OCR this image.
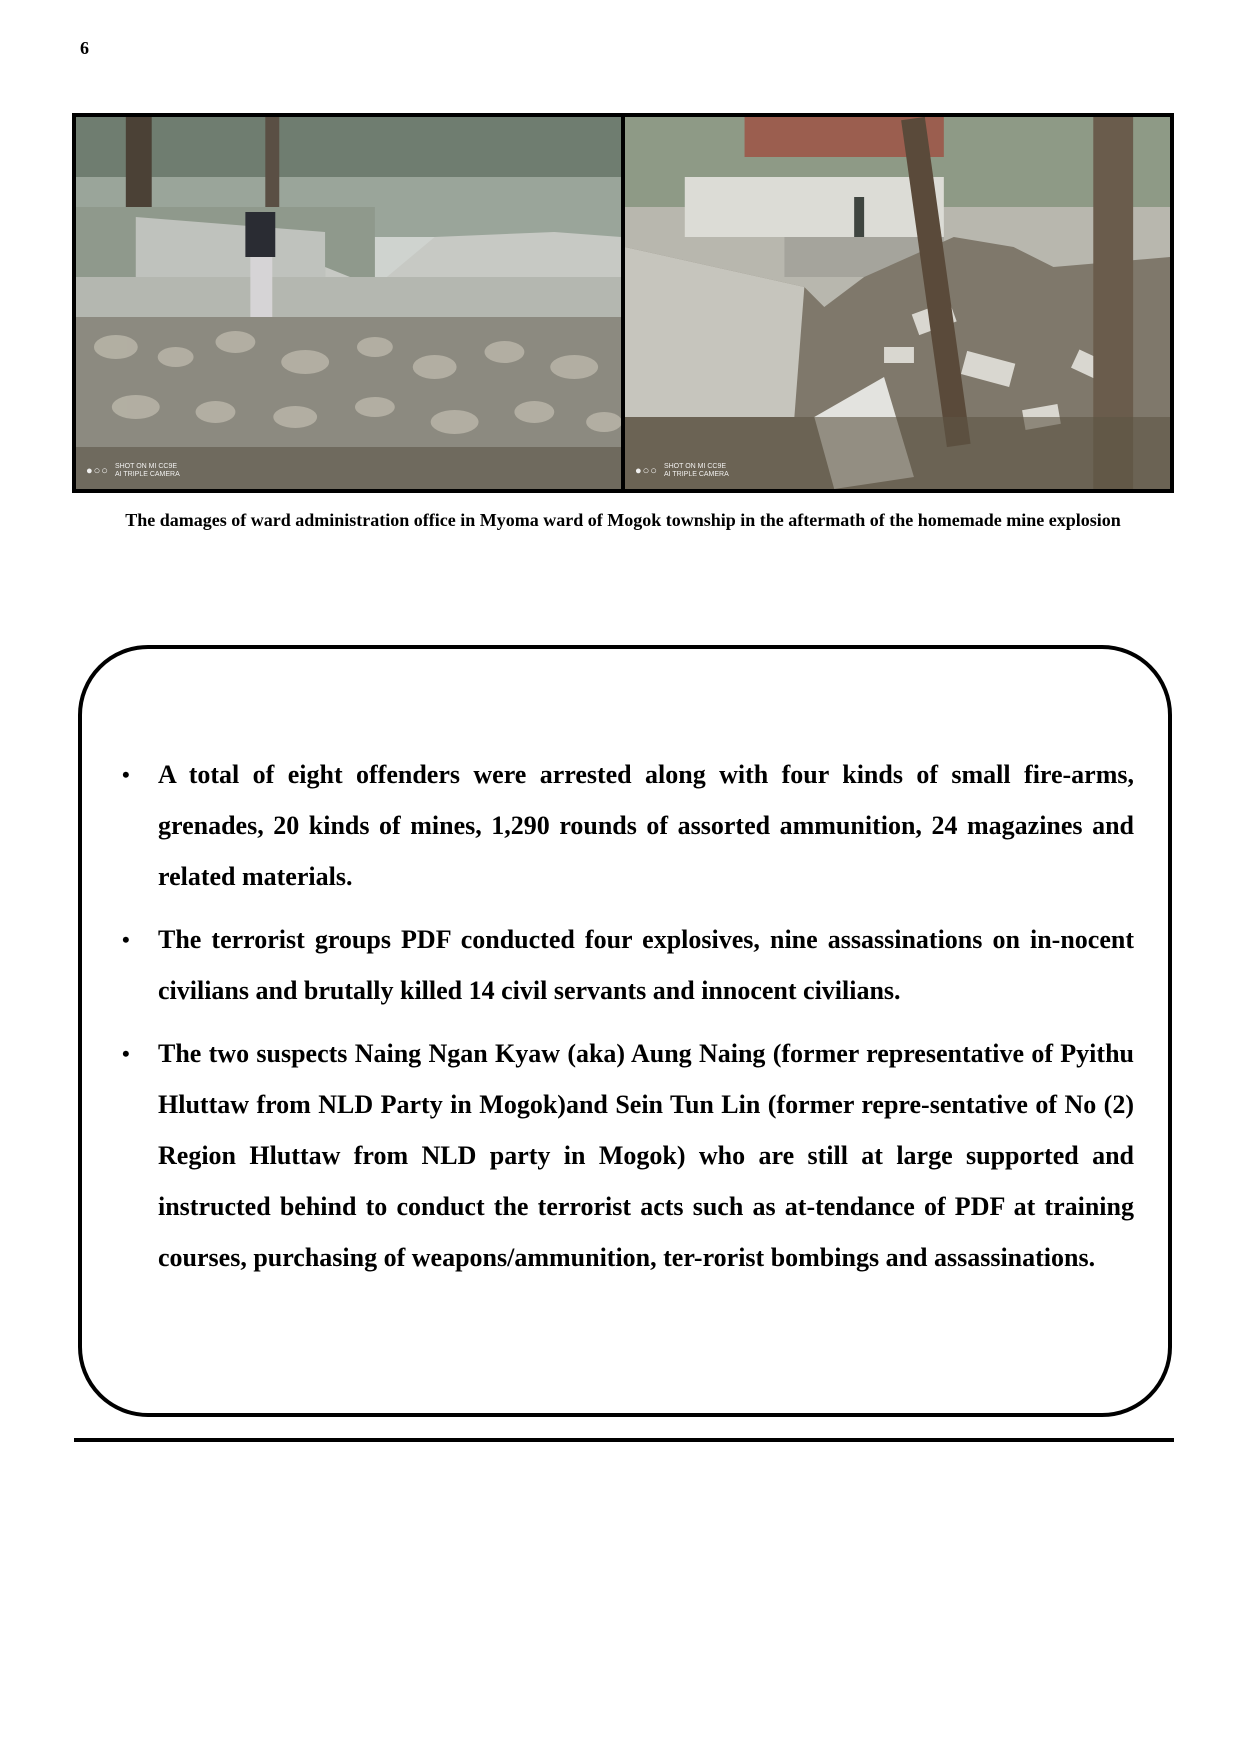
6
●○○ SHOT ON MI CC9E
AI TRIPLE CAMERA	●○○ SHOT ON MI CC9E
AI TRIPLE CAMERA
The damages of ward administration office in Myoma ward of Mogok township in the aftermath of the homemade mine explosion
• A total of eight offenders were arrested along with four kinds of small fire-arms, grenades, 20 kinds of mines, 1,290 rounds of assorted ammunition, 24 magazines and related materials.
• The terrorist groups PDF conducted four explosives, nine assassinations on in-nocent civilians and brutally killed 14 civil servants and innocent civilians.
• The two suspects Naing Ngan Kyaw (aka) Aung Naing (former representative of Pyithu Hluttaw from NLD Party in Mogok)and Sein Tun Lin (former repre-sentative of No (2) Region Hluttaw from NLD party in Mogok) who are still at large supported and instructed behind to conduct the terrorist acts such as at-tendance of PDF at training courses, purchasing of weapons/ammunition, ter-rorist bombings and assassinations.
